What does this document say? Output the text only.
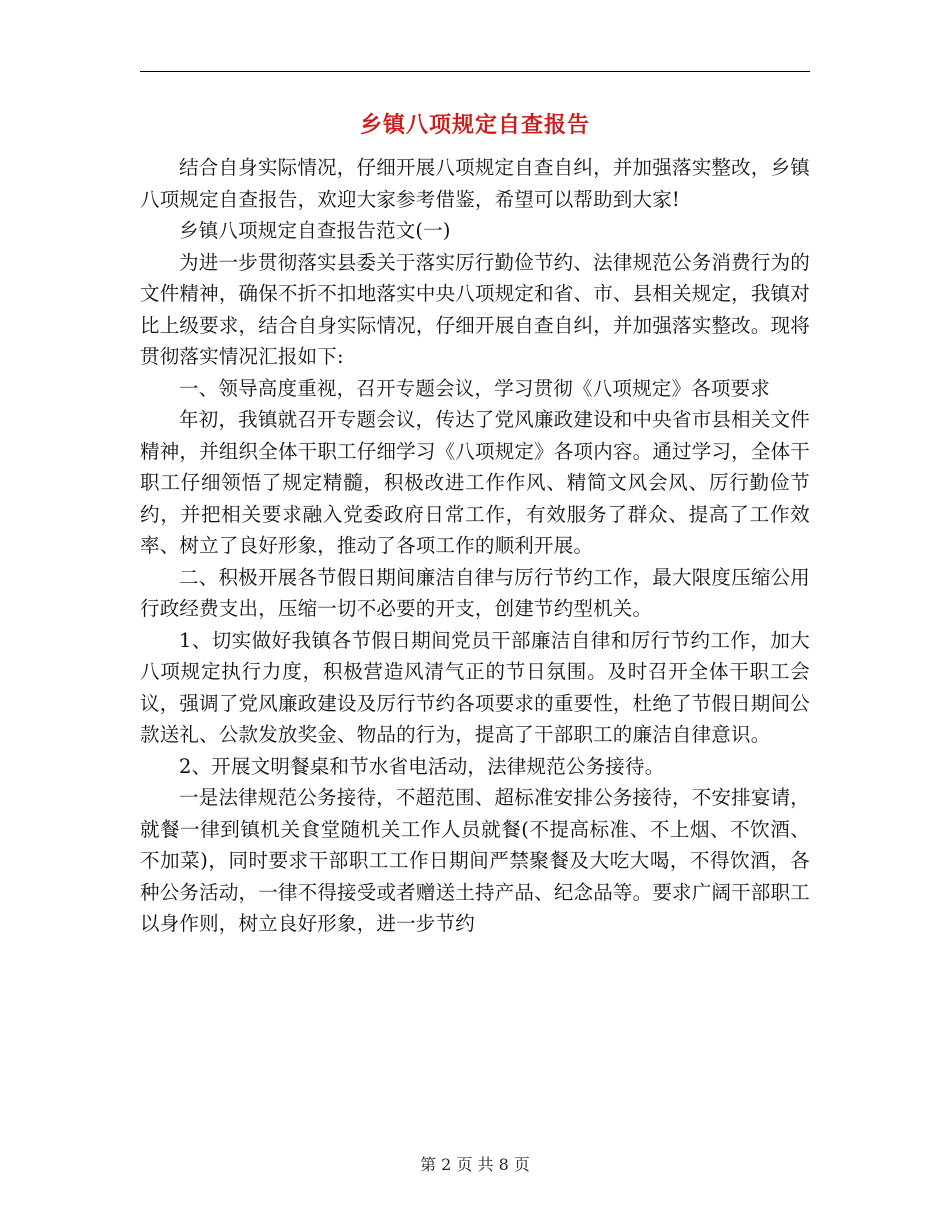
乡镇八项规定自查报告

结合自身实际情况，仔细开展八项规定自查自纠，并加强落实整改，乡镇八项规定自查报告，欢迎大家参考借鉴，希望可以帮助到大家!

乡镇八项规定自查报告范文(一)

为进一步贯彻落实县委关于落实厉行勤俭节约、法律规范公务消费行为的文件精神，确保不折不扣地落实中央八项规定和省、市、县相关规定，我镇对比上级要求，结合自身实际情况，仔细开展自查自纠，并加强落实整改。现将贯彻落实情况汇报如下:

一、领导高度重视，召开专题会议，学习贯彻《八项规定》各项要求

年初，我镇就召开专题会议，传达了党风廉政建设和中央省市县相关文件精神，并组织全体干职工仔细学习《八项规定》各项内容。通过学习，全体干职工仔细领悟了规定精髓，积极改进工作作风、精简文风会风、厉行勤俭节约，并把相关要求融入党委政府日常工作，有效服务了群众、提高了工作效率、树立了良好形象，推动了各项工作的顺利开展。

二、积极开展各节假日期间廉洁自律与厉行节约工作，最大限度压缩公用行政经费支出，压缩一切不必要的开支，创建节约型机关。

1、切实做好我镇各节假日期间党员干部廉洁自律和厉行节约工作，加大八项规定执行力度，积极营造风清气正的节日氛围。及时召开全体干职工会议，强调了党风廉政建设及厉行节约各项要求的重要性，杜绝了节假日期间公款送礼、公款发放奖金、物品的行为，提高了干部职工的廉洁自律意识。

2、开展文明餐桌和节水省电活动，法律规范公务接待。

一是法律规范公务接待，不超范围、超标准安排公务接待，不安排宴请，就餐一律到镇机关食堂随机关工作人员就餐(不提高标准、不上烟、不饮酒、不加菜)，同时要求干部职工工作日期间严禁聚餐及大吃大喝，不得饮酒，各种公务活动，一律不得接受或者赠送土持产品、纪念品等。要求广阔干部职工以身作则，树立良好形象，进一步节约

第 2 页 共 8 页
